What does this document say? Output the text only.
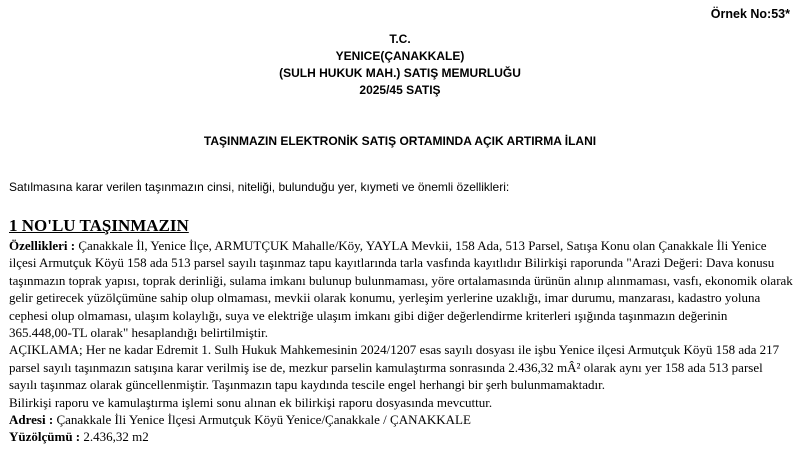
Örnek No:53*
T.C.
YENICE(ÇANAKKALE)
(SULH HUKUK MAH.) SATIŞ MEMURLUĞU
2025/45 SATIŞ
TAŞINMAZIN ELEKTRONİK SATIŞ ORTAMINDA AÇIK ARTIRMA İLANI
Satılmasına karar verilen taşınmazın cinsi, niteliği, bulunduğu yer, kıymeti ve önemli özellikleri:

1 NO'LU TAŞINMAZIN

Özellikleri : Çanakkale İl, Yenice İlçe, ARMUTÇUK Mahalle/Köy, YAYLA Mevkii, 158 Ada, 513 Parsel, Satışa Konu olan Çanakkale İli Yenice ilçesi Armutçuk Köyü 158 ada 513 parsel sayılı taşınmaz tapu kayıtlarında tarla vasfında kayıtlıdır Bilirkişi raporunda "Arazi Değeri: Dava konusu taşınmazın toprak yapısı, toprak derinliği, sulama imkanı bulunup bulunmaması, yöre ortalamasında ürünün alınıp alınmaması, vasfı, ekonomik olarak gelir getirecek yüzölçümüne sahip olup olmaması, mevkii olarak konumu, yerleşim yerlerine uzaklığı, imar durumu, manzarası, kadastro yoluna cephesi olup olmaması, ulaşım kolaylığı, suya ve elektriğe ulaşım imkanı gibi diğer değerlendirme kriterleri ışığında taşınmazın değerinin 365.448,00-TL olarak" hesaplandığı belirtilmiştir.

AÇIKLAMA; Her ne kadar Edremit 1. Sulh Hukuk Mahkemesinin 2024/1207 esas sayılı dosyası ile işbu Yenice ilçesi Armutçuk Köyü 158 ada 217 parsel sayılı taşınmazın satışına karar verilmiş ise de, mezkur parselin kamulaştırma sonrasında 2.436,32 mÂ² olarak aynı yer 158 ada 513 parsel sayılı taşınmaz olarak güncellenmiştir. Taşınmazın tapu kaydında tescile engel herhangi bir şerh bulunmamaktadır.

Bilirkişi raporu ve kamulaştırma işlemi sonu alınan ek bilirkişi raporu dosyasında mevcuttur.

Adresi : Çanakkale İli Yenice İlçesi Armutçuk Köyü Yenice/Çanakkale / ÇANAKKALE

Yüzölçümü : 2.436,32 m2
